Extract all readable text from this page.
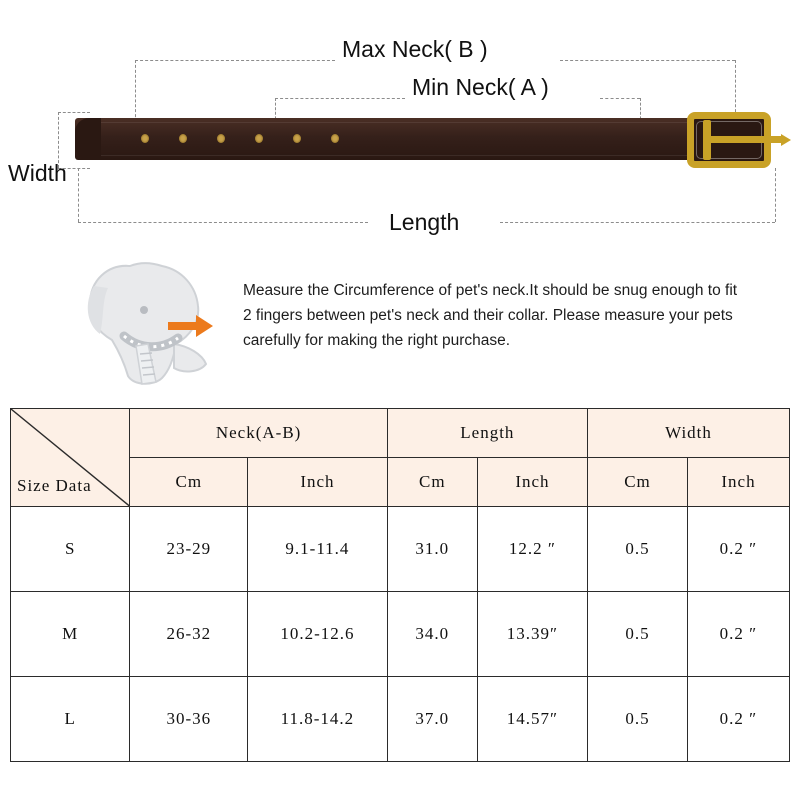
Max Neck( B )
Min Neck( A )
Width
Length
Measure the Circumference of pet's neck.It should be snug enough to fit 2 fingers between pet's neck and their collar. Please measure your pets carefully for making the right purchase.
Size Data	Neck(A-B)		Length		Width	
	Cm	Inch	Cm	Inch	Cm	Inch
S	23-29	9.1-11.4	31.0	12.2 ″	0.5	0.2 ″
M	26-32	10.2-12.6	34.0	13.39″	0.5	0.2 ″
L	30-36	11.8-14.2	37.0	14.57″	0.5	0.2 ″
